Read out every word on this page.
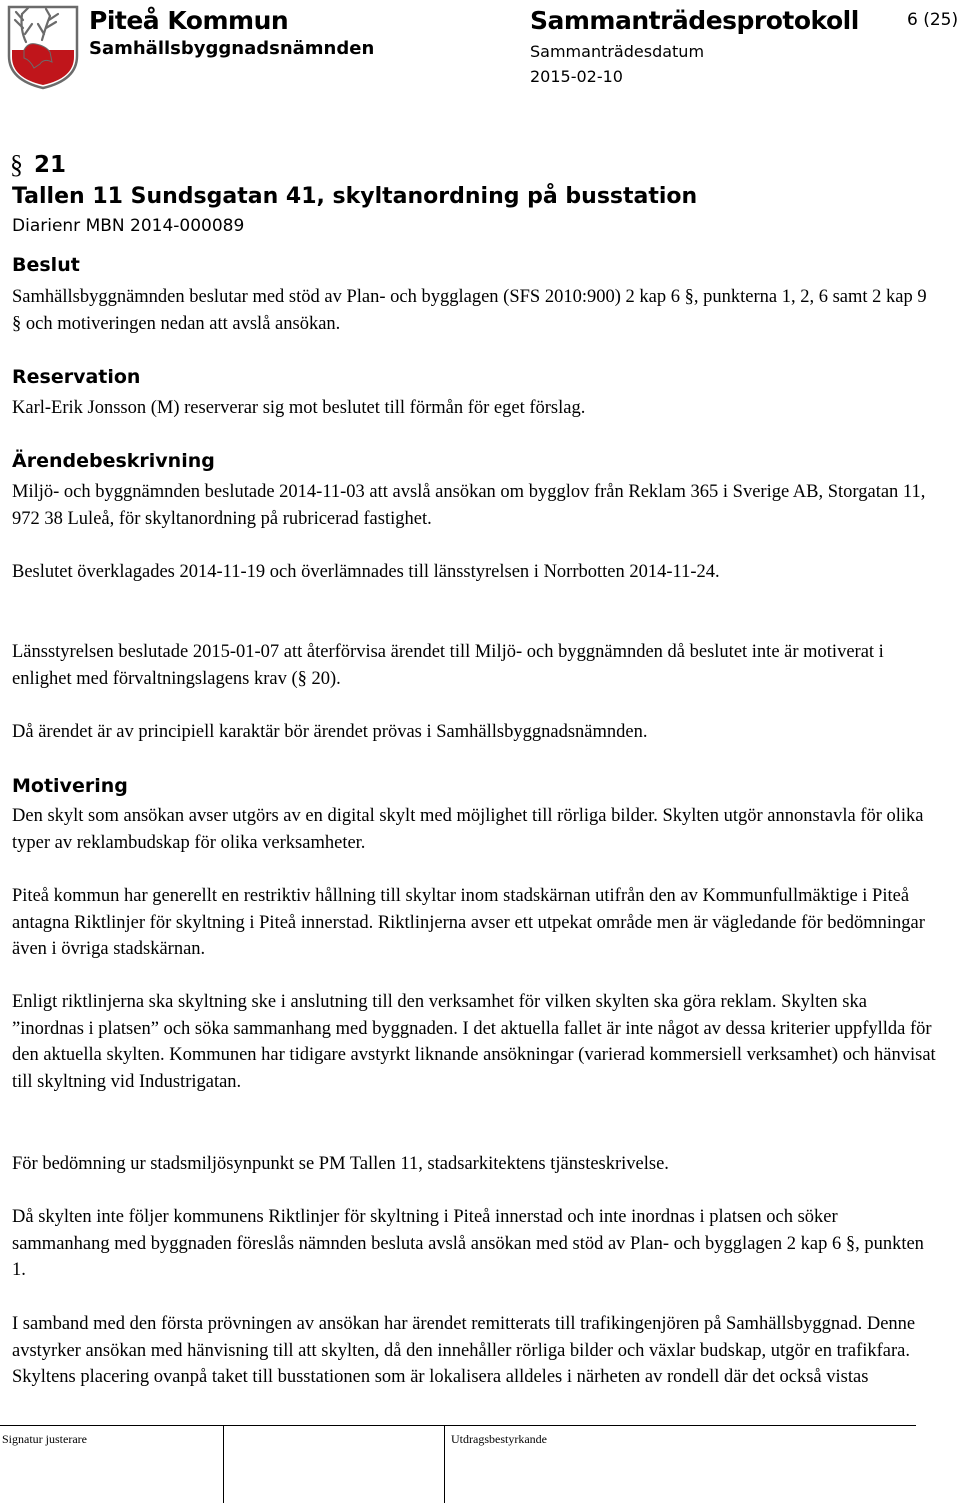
Piteå Kommun
Samhällsbyggnadsnämnden
Sammanträdesprotokoll
Sammanträdesdatum
2015-02-10
6 (25)
§ 21
Tallen 11 Sundsgatan 41, skyltanordning på busstation
Diarienr MBN 2014-000089
Beslut

Samhällsbyggnämnden beslutar med stöd av Plan- och bygglagen (SFS 2010:900) 2 kap 6 §, punkterna 1, 2, 6 samt 2 kap 9 § och motiveringen nedan att avslå ansökan.

Reservation

Karl-Erik Jonsson (M) reserverar sig mot beslutet till förmån för eget förslag.

Ärendebeskrivning

Miljö- och byggnämnden beslutade 2014-11-03 att avslå ansökan om bygglov från Reklam 365 i Sverige AB, Storgatan 11, 972 38 Luleå, för skyltanordning på rubricerad fastighet.

Beslutet överklagades 2014-11-19 och överlämnades till länsstyrelsen i Norrbotten 2014-11-24.

Länsstyrelsen beslutade 2015-01-07 att återförvisa ärendet till Miljö- och byggnämnden då beslutet inte är motiverat i enlighet med förvaltningslagens krav (§ 20).

Då ärendet är av principiell karaktär bör ärendet prövas i Samhällsbyggnadsnämnden.

Motivering

Den skylt som ansökan avser utgörs av en digital skylt med möjlighet till rörliga bilder. Skylten utgör annonstavla för olika typer av reklambudskap för olika verksamheter.

Piteå kommun har generellt en restriktiv hållning till skyltar inom stadskärnan utifrån den av Kommunfullmäktige i Piteå antagna Riktlinjer för skyltning i Piteå innerstad. Riktlinjerna avser ett utpekat område men är vägledande för bedömningar även i övriga stadskärnan.

Enligt riktlinjerna ska skyltning ske i anslutning till den verksamhet för vilken skylten ska göra reklam. Skylten ska ”inordnas i platsen” och söka sammanhang med byggnaden. I det aktuella fallet är inte något av dessa kriterier uppfyllda för den aktuella skylten. Kommunen har tidigare avstyrkt liknande ansökningar (varierad kommersiell verksamhet) och hänvisat till skyltning vid Industrigatan.

För bedömning ur stadsmiljösynpunkt se PM Tallen 11, stadsarkitektens tjänsteskrivelse.

Då skylten inte följer kommunens Riktlinjer för skyltning i Piteå innerstad och inte inordnas i platsen och söker sammanhang med byggnaden föreslås nämnden besluta avslå ansökan med stöd av Plan- och bygglagen 2 kap 6 §, punkten 1.

I samband med den första prövningen av ansökan har ärendet remitterats till trafikingenjören på Samhällsbyggnad. Denne avstyrker ansökan med hänvisning till att skylten, då den innehåller rörliga bilder och växlar budskap, utgör en trafikfara. Skyltens placering ovanpå taket till busstationen som är lokalisera alldeles i närheten av rondell där det också vistas

Signatur justerare	Utdragsbestyrkande
